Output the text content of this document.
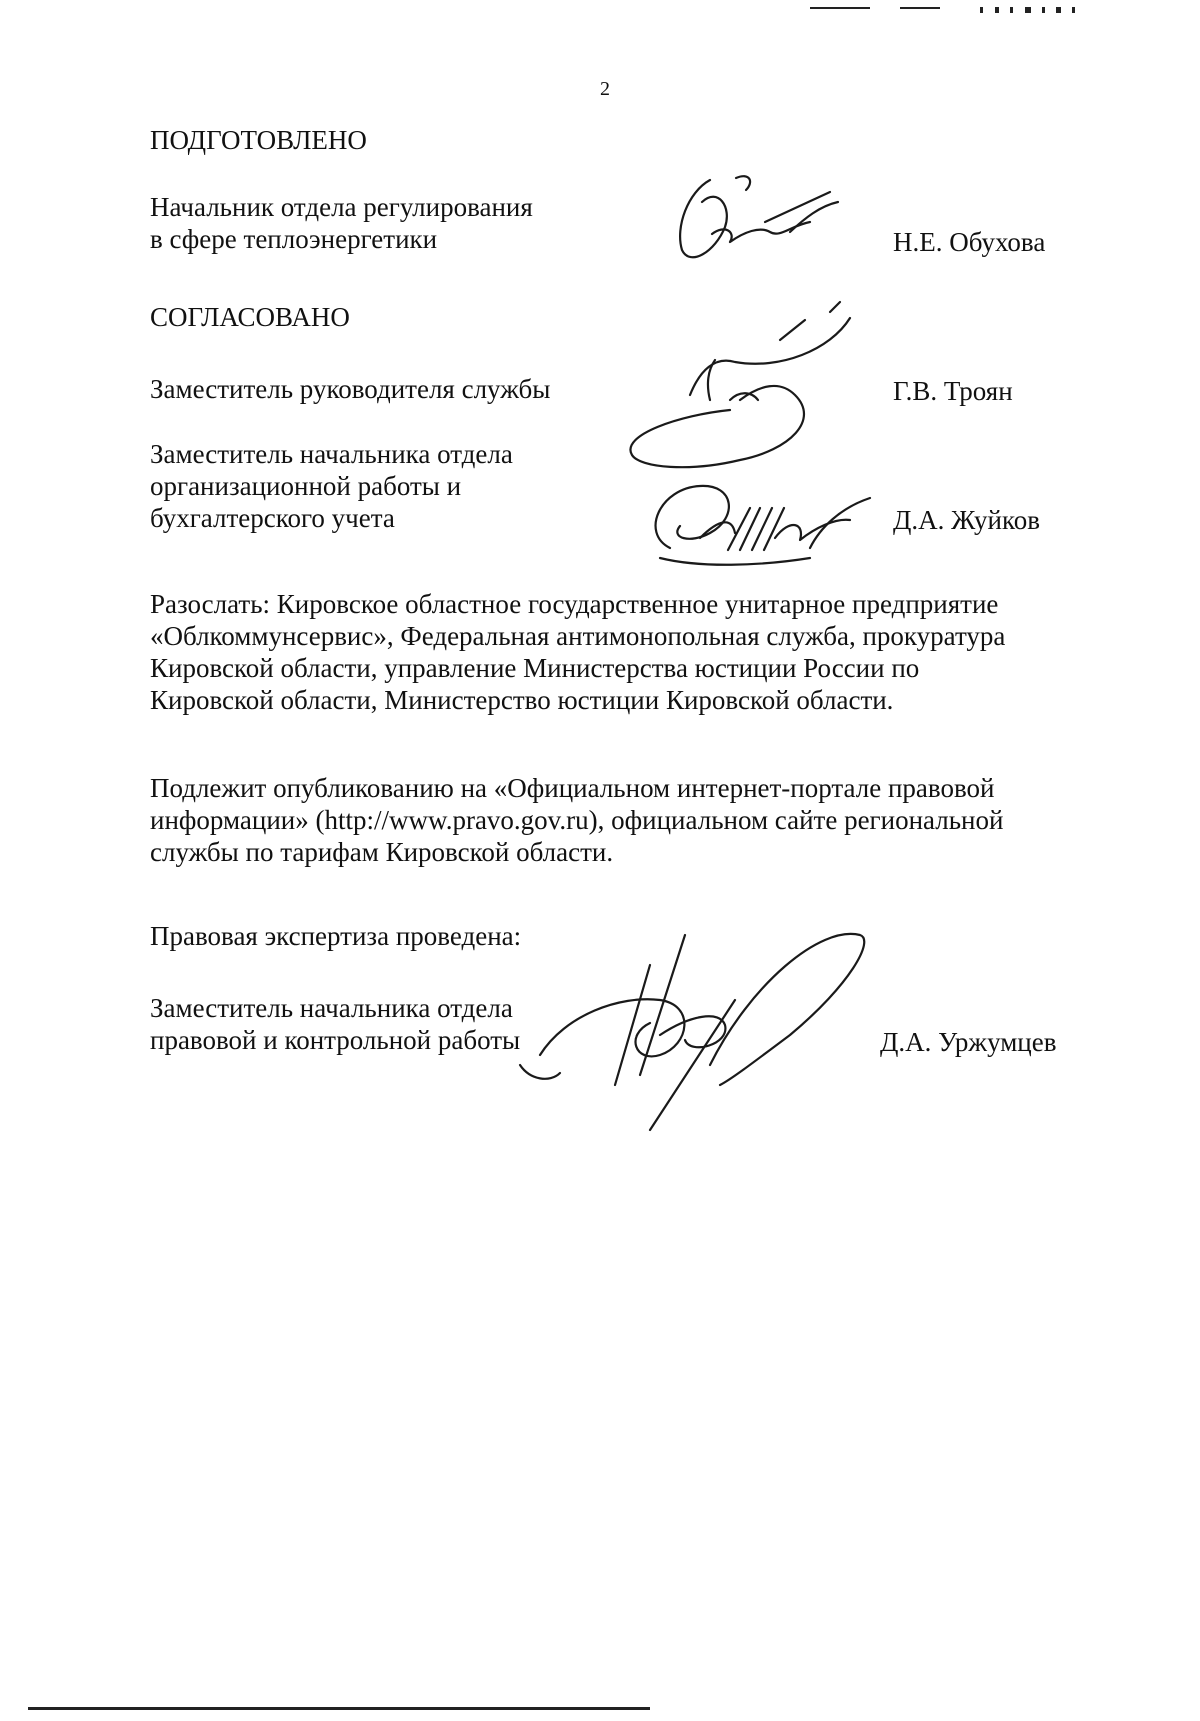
2
ПОДГОТОВЛЕНО
Начальник отдела регулирования
в сфере теплоэнергетики	Н.Е. Обухова
СОГЛАСОВАНО
Заместитель руководителя службы	Г.В. Троян
Заместитель начальника отдела
организационной работы и
бухгалтерского учета	Д.А. Жуйков
Разослать: Кировское областное государственное унитарное предприятие
«Облкоммунсервис», Федеральная антимонопольная служба, прокуратура
Кировской области, управление Министерства юстиции России по
Кировской области, Министерство юстиции Кировской области.
Подлежит опубликованию на «Официальном интернет-портале правовой
информации» (http://www.pravo.gov.ru), официальном сайте региональной
службы по тарифам Кировской области.
Правовая экспертиза проведена:
Заместитель начальника отдела
правовой и контрольной работы	Д.А. Уржумцев
